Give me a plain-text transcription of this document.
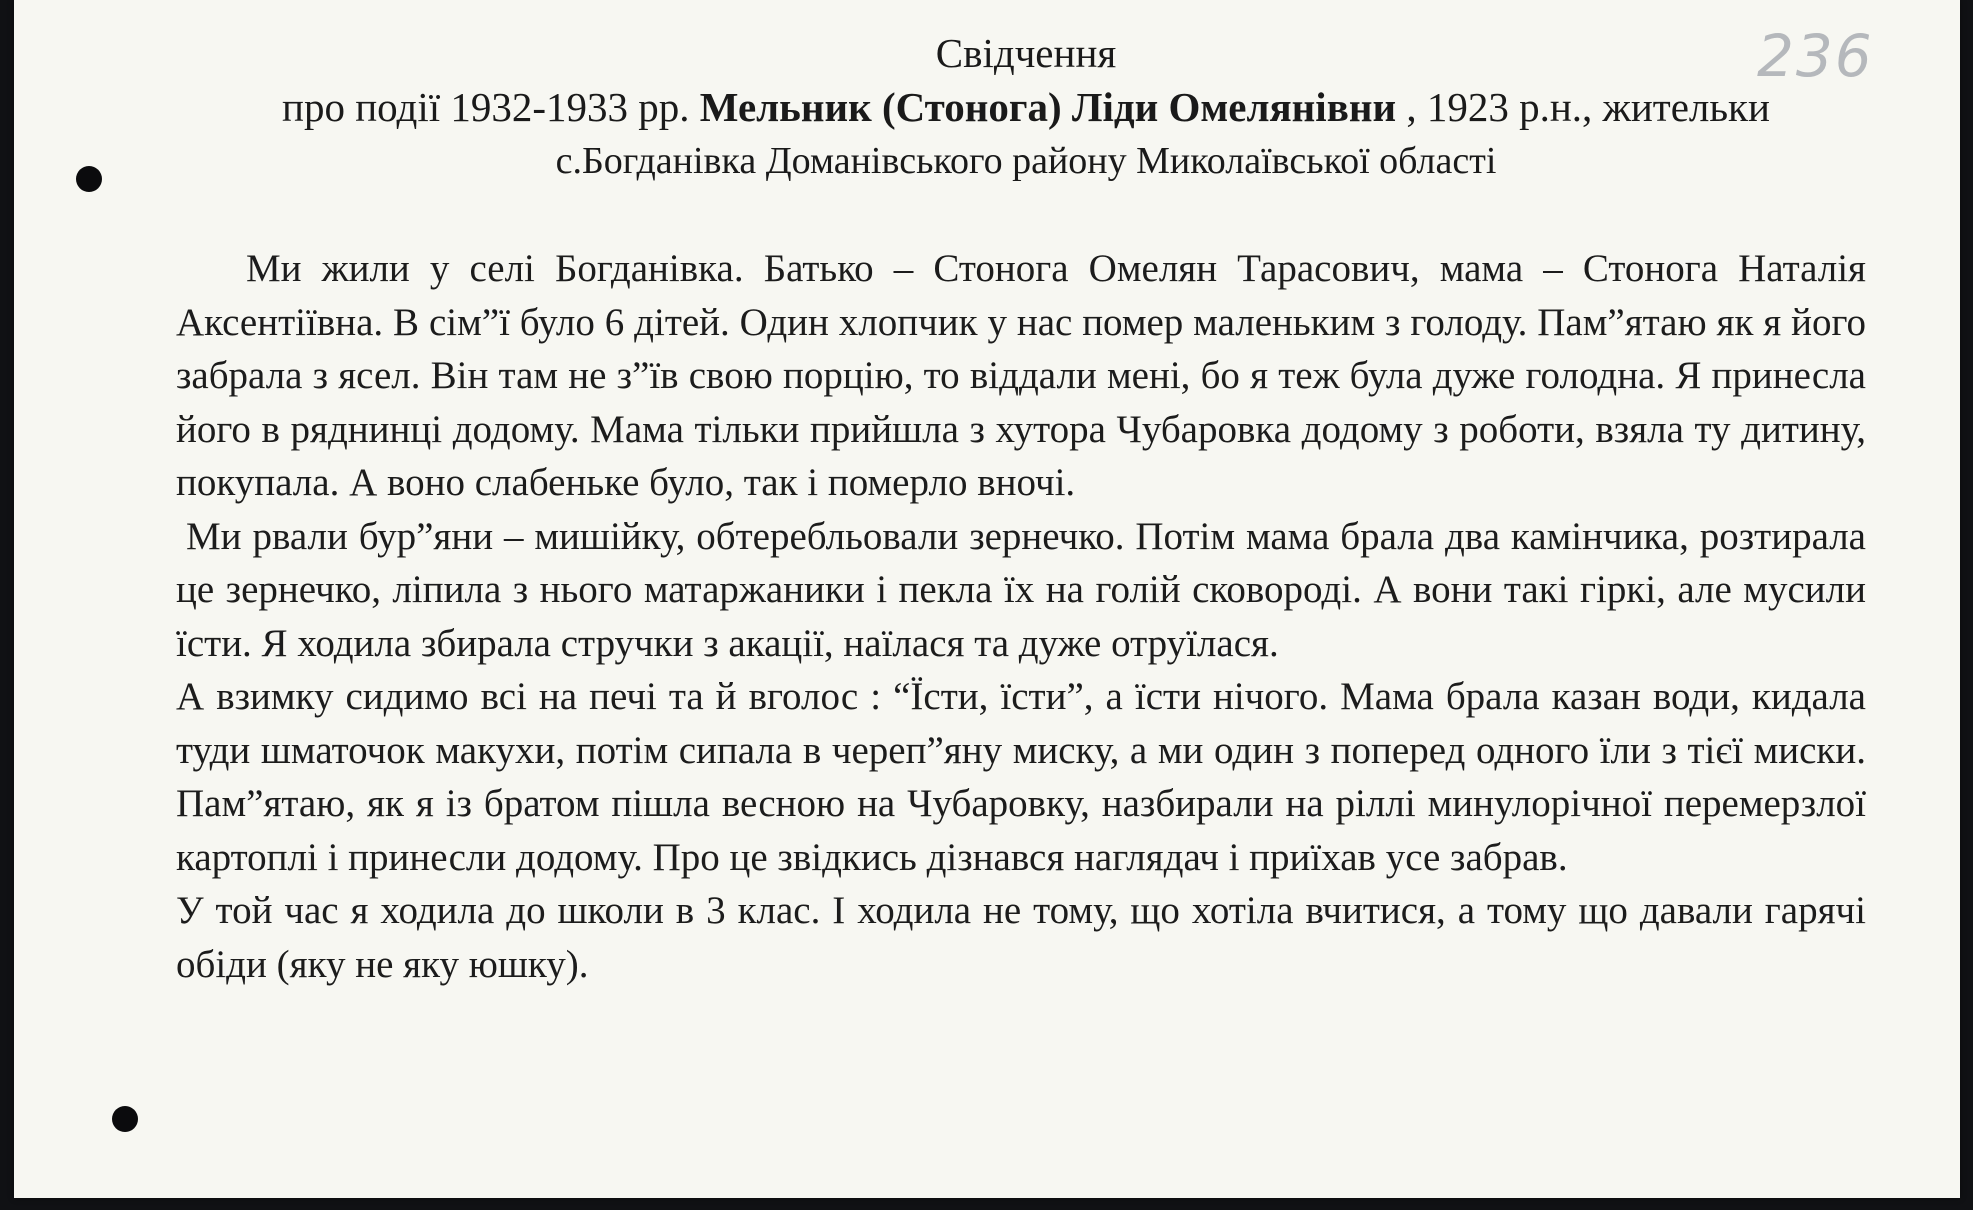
236
Свідчення
про події 1932-1933 рр. Мельник (Стонога) Ліди Омелянівни , 1923 р.н., жительки
с.Богданівка Доманівського району Миколаївської області

Ми жили у селі Богданівка. Батько – Стонога Омелян Тарасович, мама – Стонога Наталія Аксентіївна. В сім”ї було 6 дітей. Один хлопчик у нас помер маленьким з голоду. Пам”ятаю як я його забрала з ясел. Він там не з”їв свою порцію, то віддали мені, бо я теж була дуже голодна. Я принесла його в ряднинці додому. Мама тільки прийшла з хутора Чубаровка додому з роботи, взяла ту дитину, покупала. А воно слабеньке було, так і померло вночі.

Ми рвали бур”яни – мишійку, обтеребльовали зернечко. Потім мама брала два камінчика, розтирала це зернечко, ліпила з нього матаржаники і пекла їх на голій сковороді. А вони такі гіркі, але мусили їсти. Я ходила збирала стручки з акації, наїлася та дуже отруїлася.

А взимку сидимо всі на печі та й вголос : “Їсти, їсти”, а їсти нічого. Мама брала казан води, кидала туди шматочок макухи, потім сипала в череп”яну миску, а ми один з поперед одного їли з тієї миски. Пам”ятаю, як я із братом пішла весною на Чубаровку, назбирали на ріллі минулорічної перемерзлої картоплі і принесли додому. Про це звідкись дізнався наглядач і приїхав усе забрав.

У той час я ходила до школи в 3 клас. І ходила не тому, що хотіла вчитися, а тому що давали гарячі обіди (яку не яку юшку).
